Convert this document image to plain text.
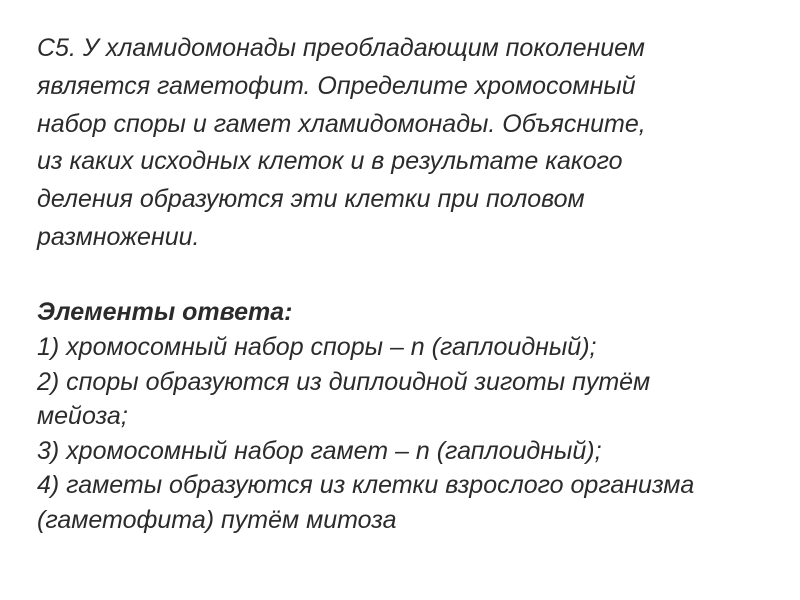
С5. У хламидомонады преобладающим поколением
является гаметофит. Определите хромосомный
набор споры и гамет хламидомонады. Объясните,
из каких исходных клеток и в результате какого
деления образуются эти клетки при половом
размножении.
Элементы ответа:
1) хромосомный набор споры – n (гаплоидный);
2) споры образуются из диплоидной зиготы путём
мейоза;
3) хромосомный набор гамет – n (гаплоидный);
4) гаметы образуются из клетки взрослого организма
(гаметофита) путём митоза
